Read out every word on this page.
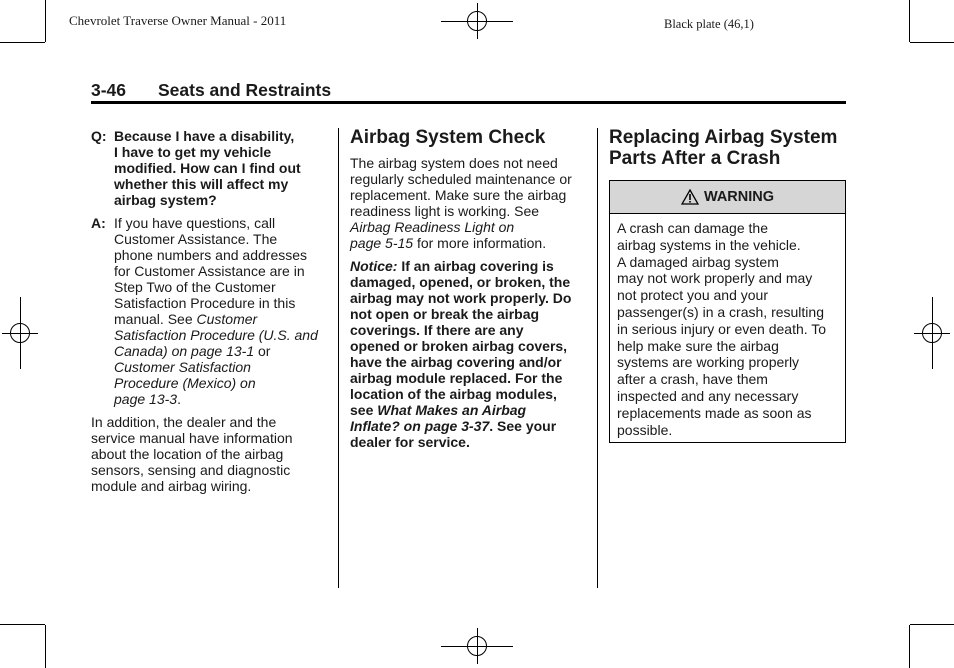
Chevrolet Traverse Owner Manual - 2011	Black plate (46,1)
3-46 Seats and Restraints
Q: Because I have a disability,
I have to get my vehicle
modified. How can I find out
whether this will affect my
airbag system?
A: If you have questions, call
Customer Assistance. The
phone numbers and addresses
for Customer Assistance are in
Step Two of the Customer
Satisfaction Procedure in this
manual. See Customer
Satisfaction Procedure (U.S. and
Canada) on page 13-1 or
Customer Satisfaction
Procedure (Mexico) on
page 13-3.
In addition, the dealer and the
service manual have information
about the location of the airbag
sensors, sensing and diagnostic
module and airbag wiring.
Airbag System Check
The airbag system does not need
regularly scheduled maintenance or
replacement. Make sure the airbag
readiness light is working. See
Airbag Readiness Light on
page 5-15 for more information.
Notice: If an airbag covering is
damaged, opened, or broken, the
airbag may not work properly. Do
not open or break the airbag
coverings. If there are any
opened or broken airbag covers,
have the airbag covering and/or
airbag module replaced. For the
location of the airbag modules,
see What Makes an Airbag
Inflate? on page 3-37. See your
dealer for service.
Replacing Airbag System
Parts After a Crash
WARNING
A crash can damage the
airbag systems in the vehicle.
A damaged airbag system
may not work properly and may
not protect you and your
passenger(s) in a crash, resulting
in serious injury or even death. To
help make sure the airbag
systems are working properly
after a crash, have them
inspected and any necessary
replacements made as soon as
possible.
